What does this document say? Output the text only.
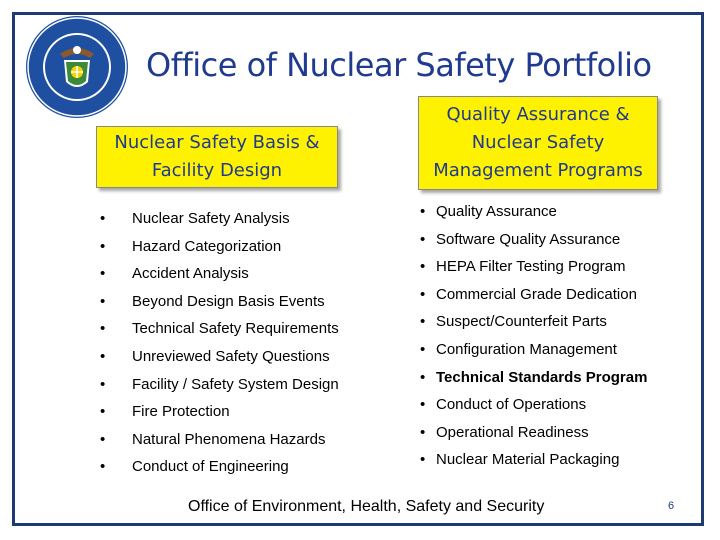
Office of Nuclear Safety Portfolio
Nuclear Safety Basis &
Facility Design
Quality Assurance &
Nuclear Safety
Management Programs
• Nuclear Safety Analysis
• Hazard Categorization
• Accident Analysis
• Beyond Design Basis Events
• Technical Safety Requirements
• Unreviewed Safety Questions
• Facility / Safety System Design
• Fire Protection
• Natural Phenomena Hazards
• Conduct of Engineering
• Quality Assurance
• Software Quality Assurance
• HEPA Filter Testing Program
• Commercial Grade Dedication
• Suspect/Counterfeit Parts
• Configuration Management
• Technical Standards Program
• Conduct of Operations
• Operational Readiness
• Nuclear Material Packaging
Office of Environment, Health, Safety and Security	6
